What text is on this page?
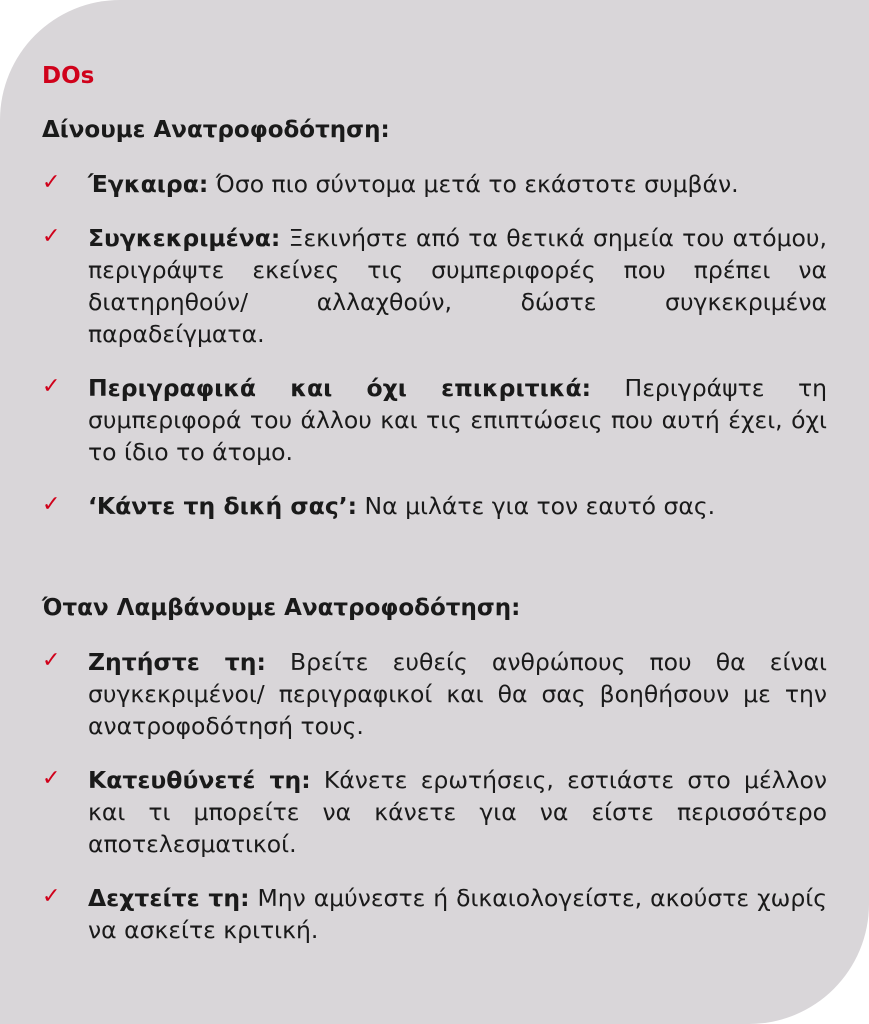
DOs
Δίνουμε Ανατροφοδότηση:
✓ Έγκαιρα: Όσο πιο σύντομα μετά το εκάστοτε συμβάν.
✓ Συγκεκριμένα: Ξεκινήστε από τα θετικά σημεία του ατόμου, περιγράψτε εκείνες τις συμπεριφορές που πρέπει να διατηρηθούν/ αλλαχθούν, δώστε συγκεκριμένα παραδείγματα.
✓ Περιγραφικά και όχι επικριτικά: Περιγράψτε τη συμπεριφορά του άλλου και τις επιπτώσεις που αυτή έχει, όχι το ίδιο το άτομο.
✓ ‘Κάντε τη δική σας’: Να μιλάτε για τον εαυτό σας.
Όταν Λαμβάνουμε Ανατροφοδότηση:
✓ Ζητήστε τη: Βρείτε ευθείς ανθρώπους που θα είναι συγκεκριμένοι/ περιγραφικοί και θα σας βοηθήσουν με την ανατροφοδότησή τους.
✓ Κατευθύνετέ τη: Κάνετε ερωτήσεις, εστιάστε στο μέλλον και τι μπορείτε να κάνετε για να είστε περισσότερο αποτελεσματικοί.
✓ Δεχτείτε τη: Μην αμύνεστε ή δικαιολογείστε, ακούστε χωρίς να ασκείτε κριτική.
